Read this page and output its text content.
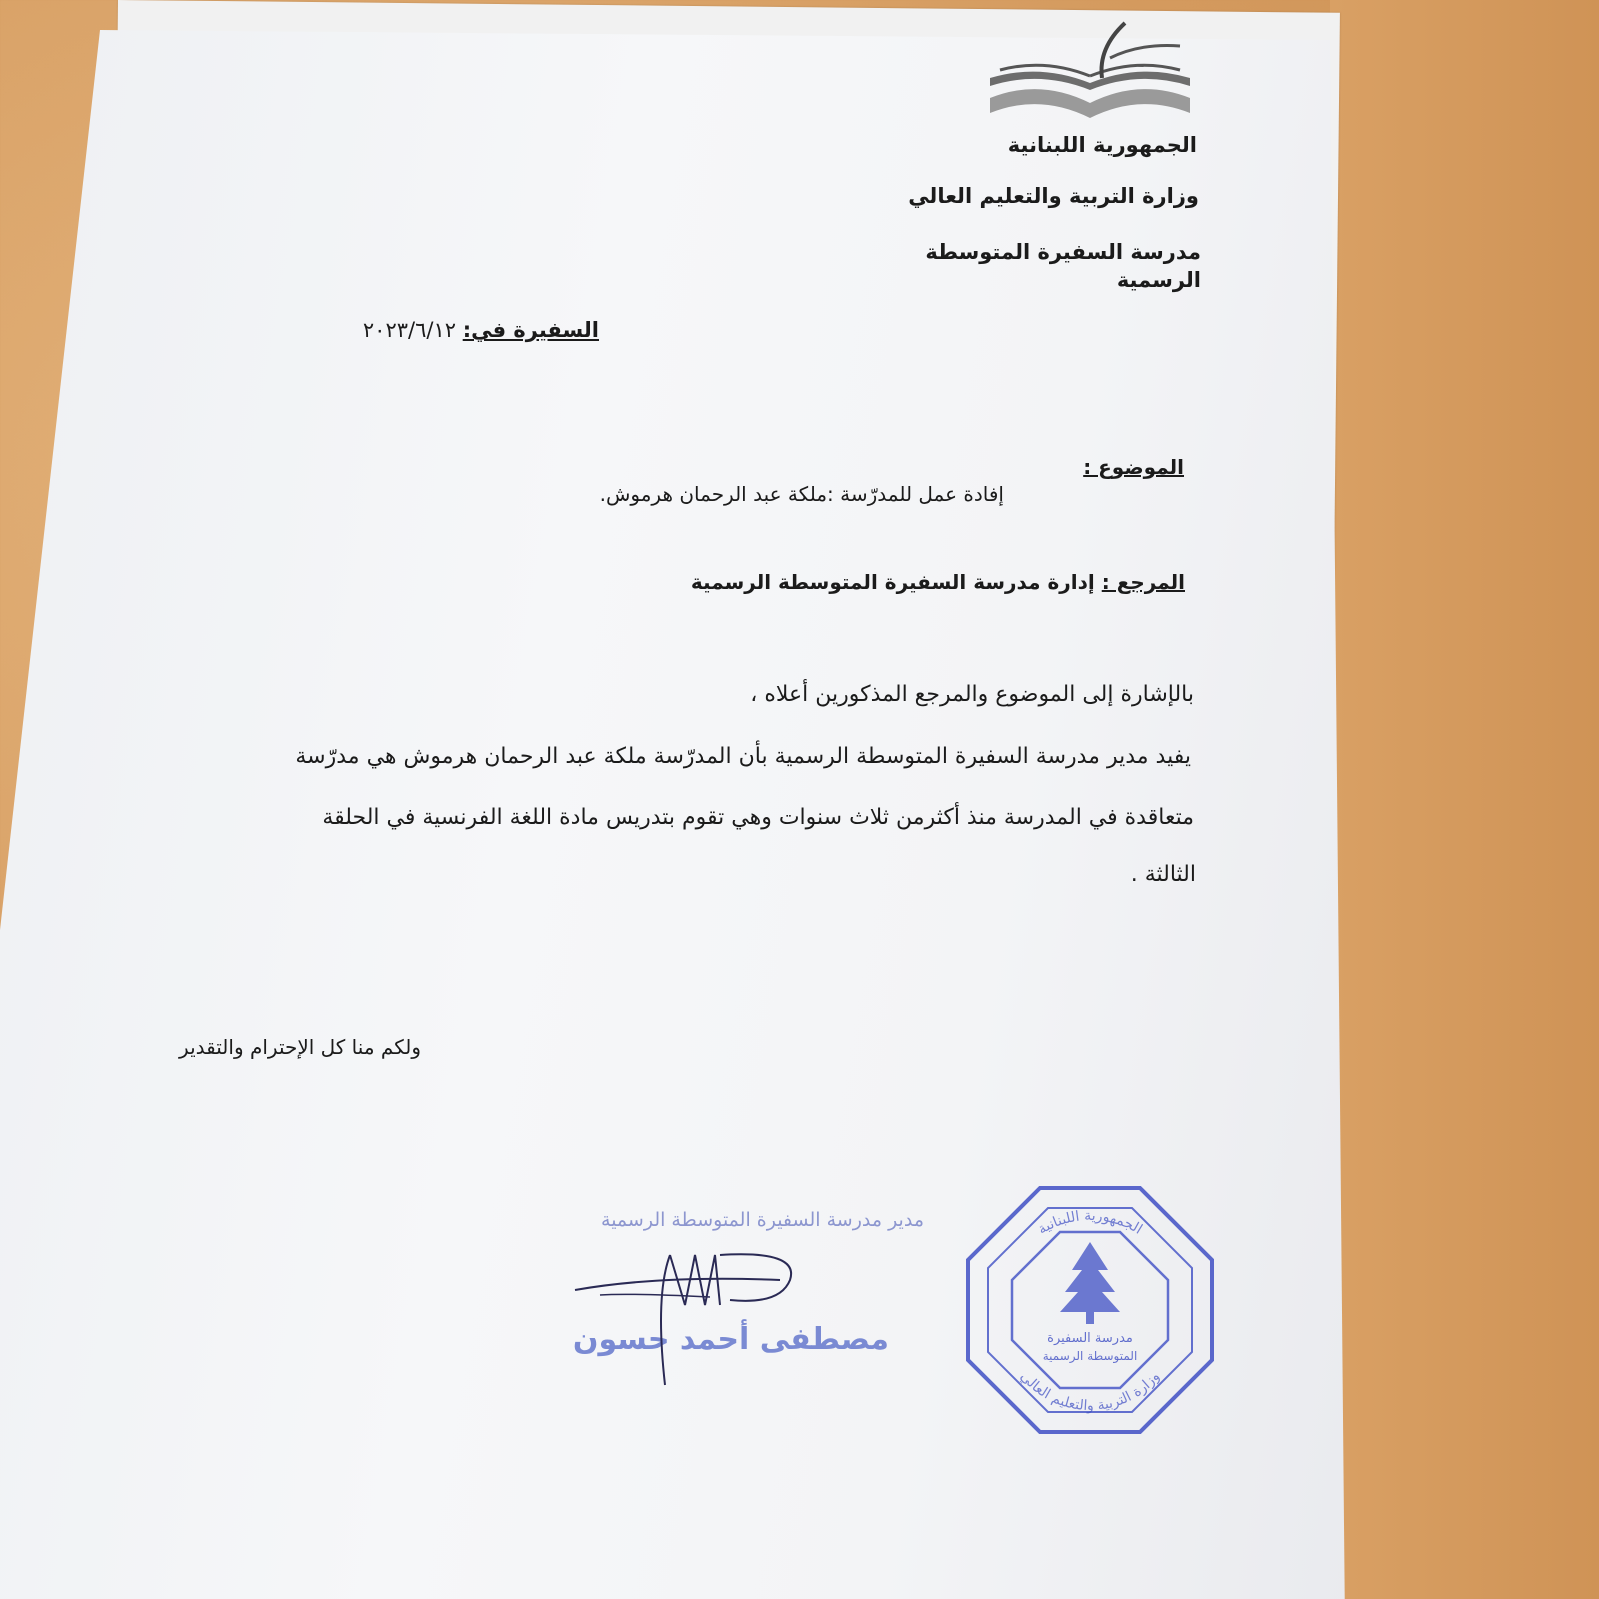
الجمهورية اللبنانية
وزارة التربية والتعليم العالي
مدرسة السفيرة المتوسطة الرسمية
السفيرة في: ٢٠٢٣/٦/١٢
الموضوع :
إفادة عمل للمدرّسة :ملكة عبد الرحمان هرموش.
المرجع : إدارة مدرسة السفيرة المتوسطة الرسمية
بالإشارة إلى الموضوع والمرجع المذكورين أعلاه ،
يفيد مدير مدرسة السفيرة المتوسطة الرسمية بأن المدرّسة ملكة عبد الرحمان هرموش هي مدرّسة
متعاقدة في المدرسة منذ أكثرمن ثلاث سنوات وهي تقوم بتدريس مادة اللغة الفرنسية في الحلقة
الثالثة .
ولكم منا كل الإحترام والتقدير
مدير مدرسة السفيرة المتوسطة الرسمية
مصطفى أحمد حسون	مدرسة السفيرة
المتوسطة الرسمية
الجمهورية اللبنانية
وزارة التربية والتعليم العالي
